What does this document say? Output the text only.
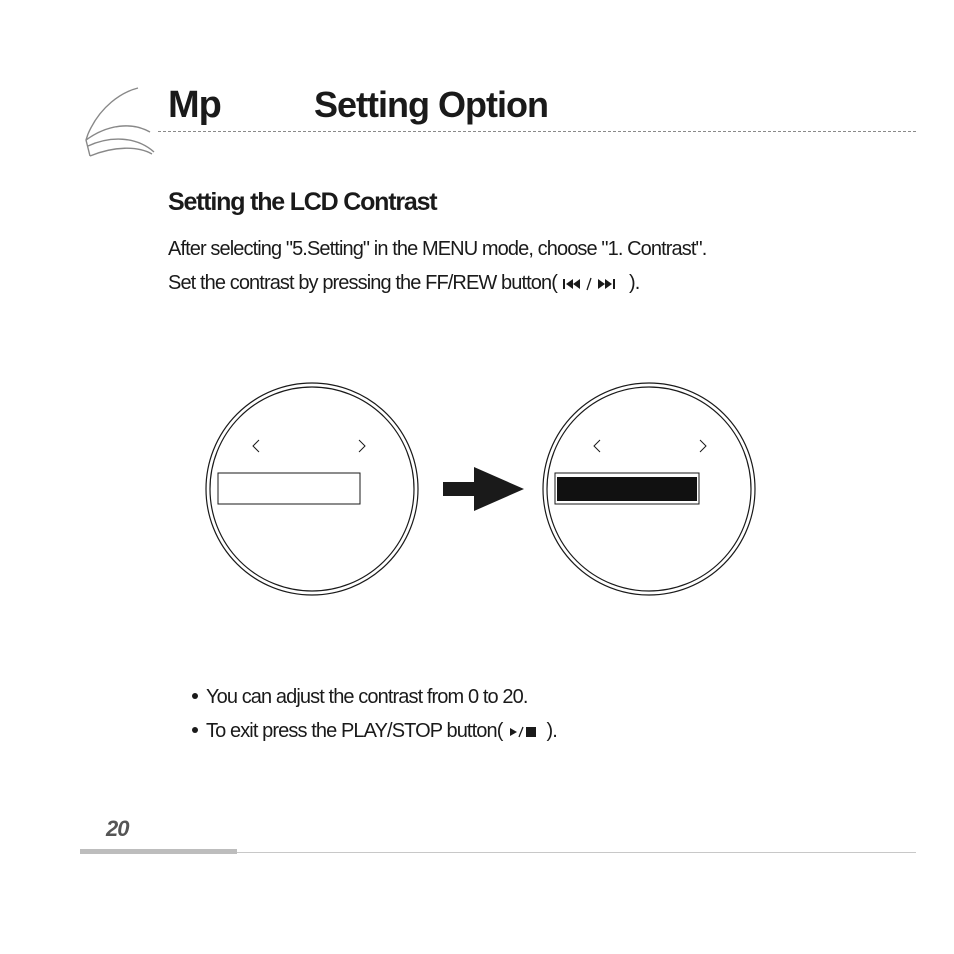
Mp	Setting Option
Setting the LCD Contrast
After selecting "5.Setting" in the MENU mode, choose "1. Contrast".
Set the contrast by pressing the FF/REW button(	).
You can adjust the contrast from 0 to 20.
To exit press the PLAY/STOP button( ).
20
